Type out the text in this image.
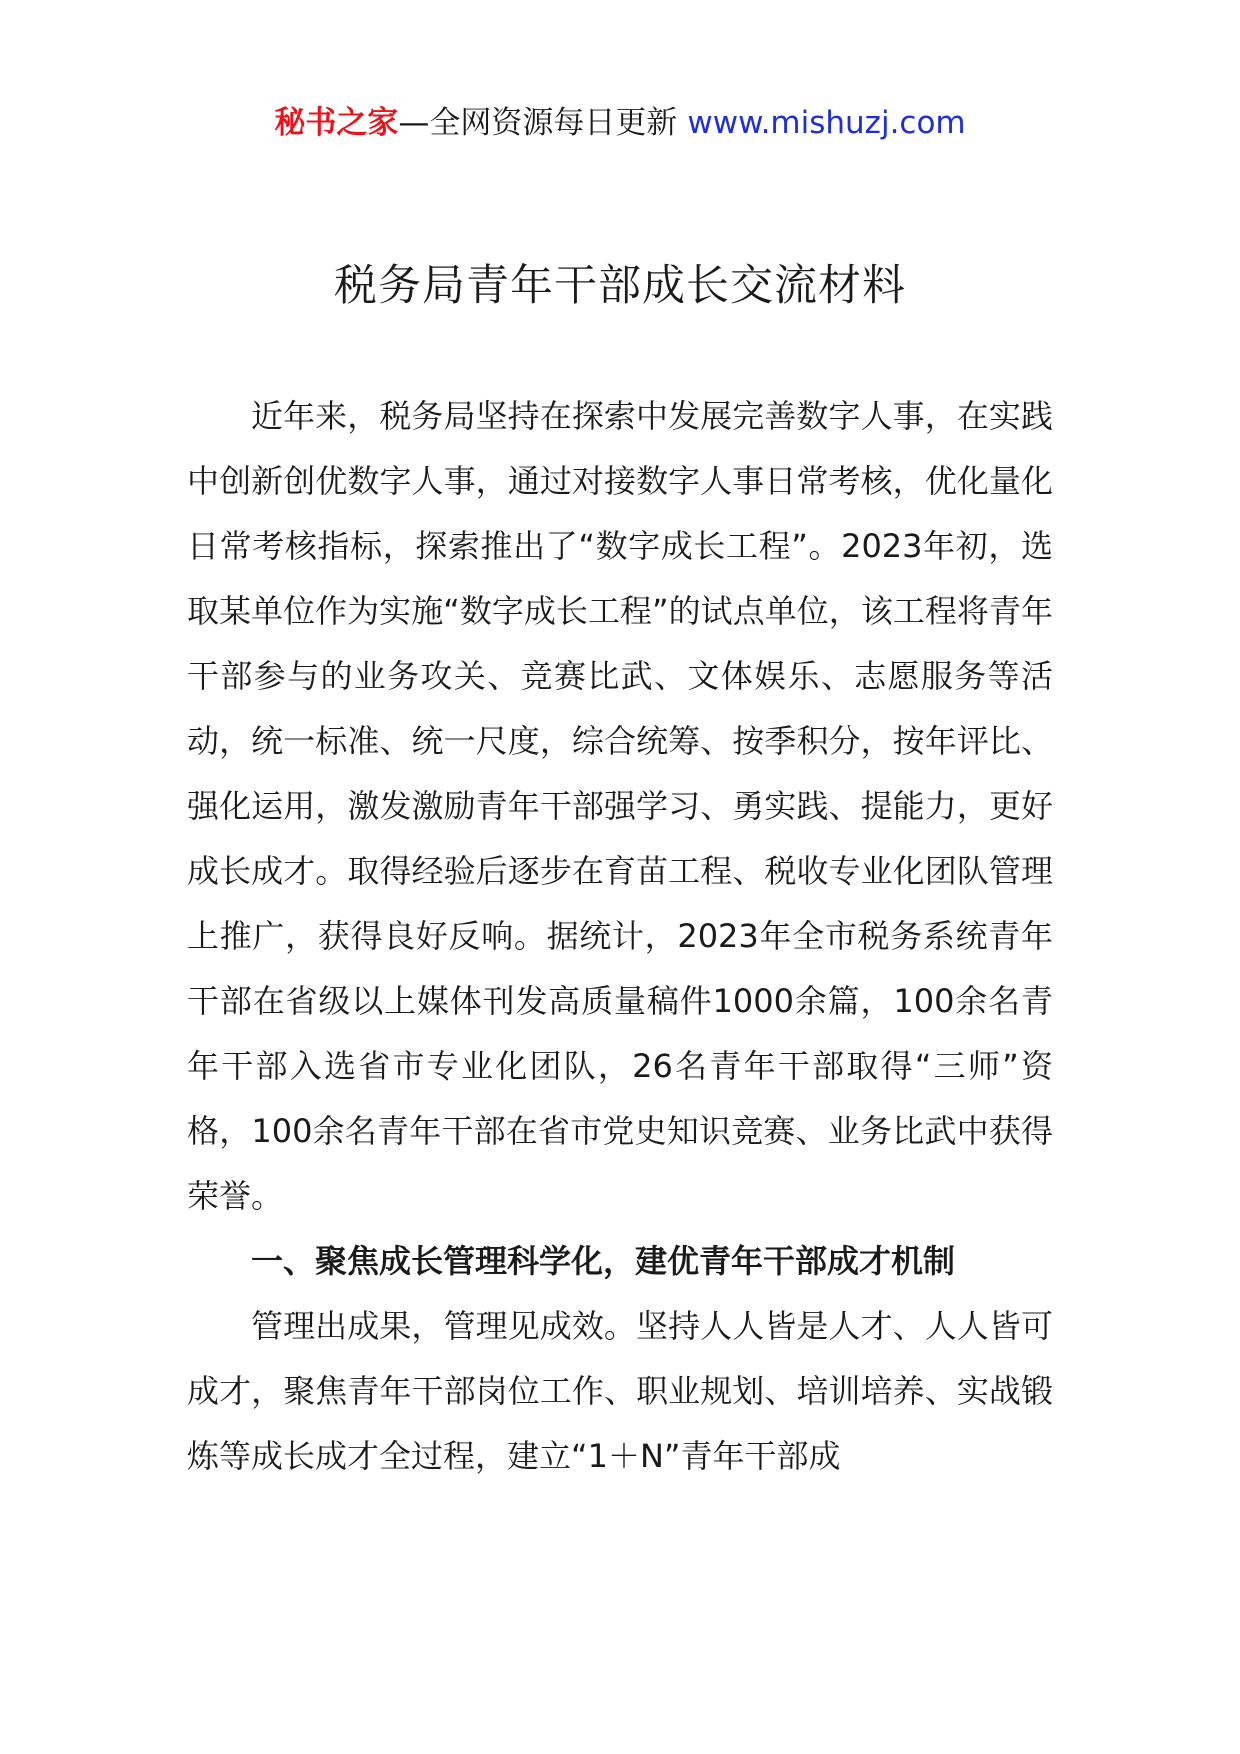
秘书之家—全网资源每日更新 www.mishuzj.com
税务局青年干部成长交流材料

近年来，税务局坚持在探索中发展完善数字人事，在实践中创新创优数字人事，通过对接数字人事日常考核，优化量化日常考核指标，探索推出了“数字成长工程”。2023年初，选取某单位作为实施“数字成长工程”的试点单位，该工程将青年干部参与的业务攻关、竞赛比武、文体娱乐、志愿服务等活动，统一标准、统一尺度，综合统筹、按季积分，按年评比、强化运用，激发激励青年干部强学习、勇实践、提能力，更好成长成才。取得经验后逐步在育苗工程、税收专业化团队管理上推广，获得良好反响。据统计，2023年全市税务系统青年干部在省级以上媒体刊发高质量稿件1000余篇，100余名青年干部入选省市专业化团队，26名青年干部取得“三师”资格，100余名青年干部在省市党史知识竞赛、业务比武中获得荣誉。

一、聚焦成长管理科学化，建优青年干部成才机制

管理出成果，管理见成效。坚持人人皆是人才、人人皆可成才，聚焦青年干部岗位工作、职业规划、培训培养、实战锻炼等成长成才全过程，建立“1＋N”青年干部成
